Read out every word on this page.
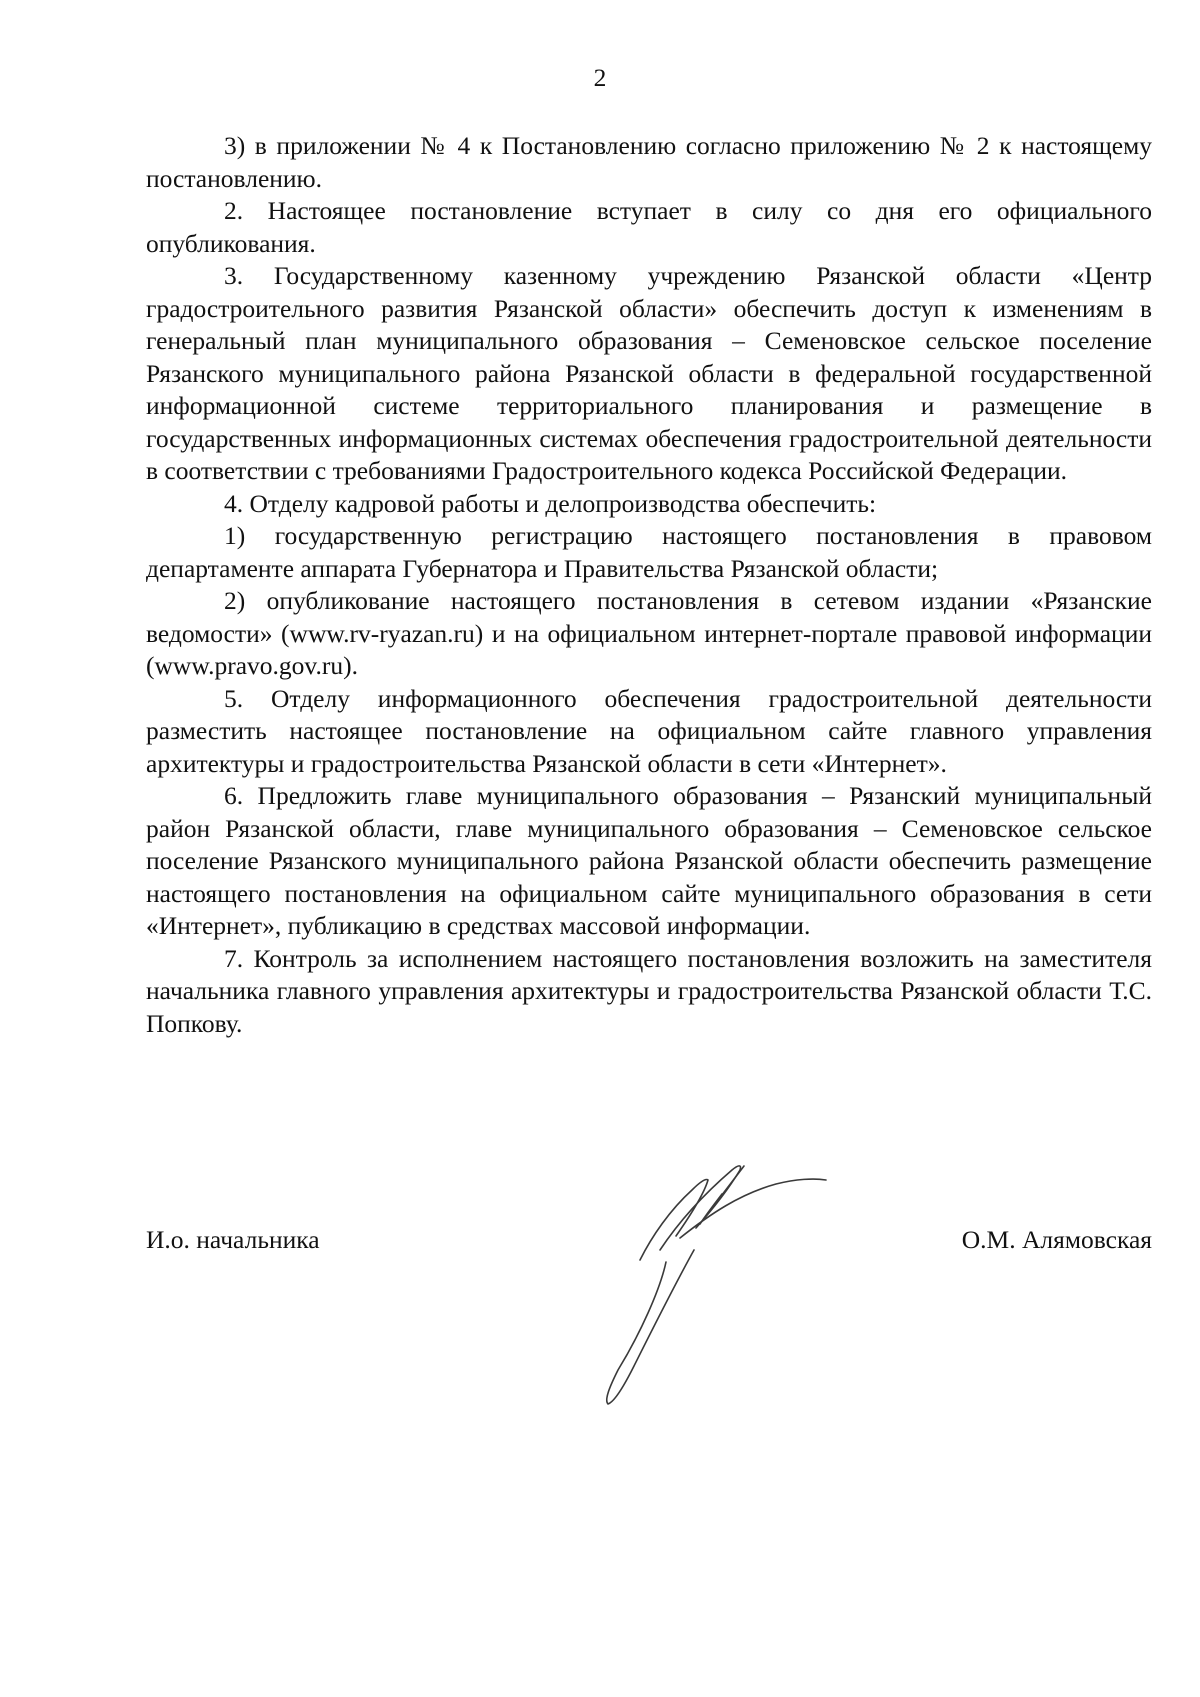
2

3) в приложении № 4 к Постановлению согласно приложению № 2 к настоящему постановлению.

2. Настоящее постановление вступает в силу со дня его официального опубликования.

3. Государственному казенному учреждению Рязанской области «Центр градостроительного развития Рязанской области» обеспечить доступ к изменениям в генеральный план муниципального образования – Семеновское сельское поселение Рязанского муниципального района Рязанской области в федеральной государственной информационной системе территориального планирования и размещение в государственных информационных системах обеспечения градостроительной деятельности в соответствии с требованиями Градостроительного кодекса Российской Федерации.

4. Отделу кадровой работы и делопроизводства обеспечить:

1) государственную регистрацию настоящего постановления в правовом департаменте аппарата Губернатора и Правительства Рязанской области;

2) опубликование настоящего постановления в сетевом издании «Рязанские ведомости» (www.rv-ryazan.ru) и на официальном интернет-портале правовой информации (www.pravo.gov.ru).

5. Отделу информационного обеспечения градостроительной деятельности разместить настоящее постановление на официальном сайте главного управления архитектуры и градостроительства Рязанской области в сети «Интернет».

6. Предложить главе муниципального образования – Рязанский муниципальный район Рязанской области, главе муниципального образования – Семеновское сельское поселение Рязанского муниципального района Рязанской области обеспечить размещение настоящего постановления на официальном сайте муниципального образования в сети «Интернет», публикацию в средствах массовой информации.

7. Контроль за исполнением настоящего постановления возложить на заместителя начальника главного управления архитектуры и градостроительства Рязанской области Т.С. Попкову.

И.о. начальника	О.М. Алямовская
